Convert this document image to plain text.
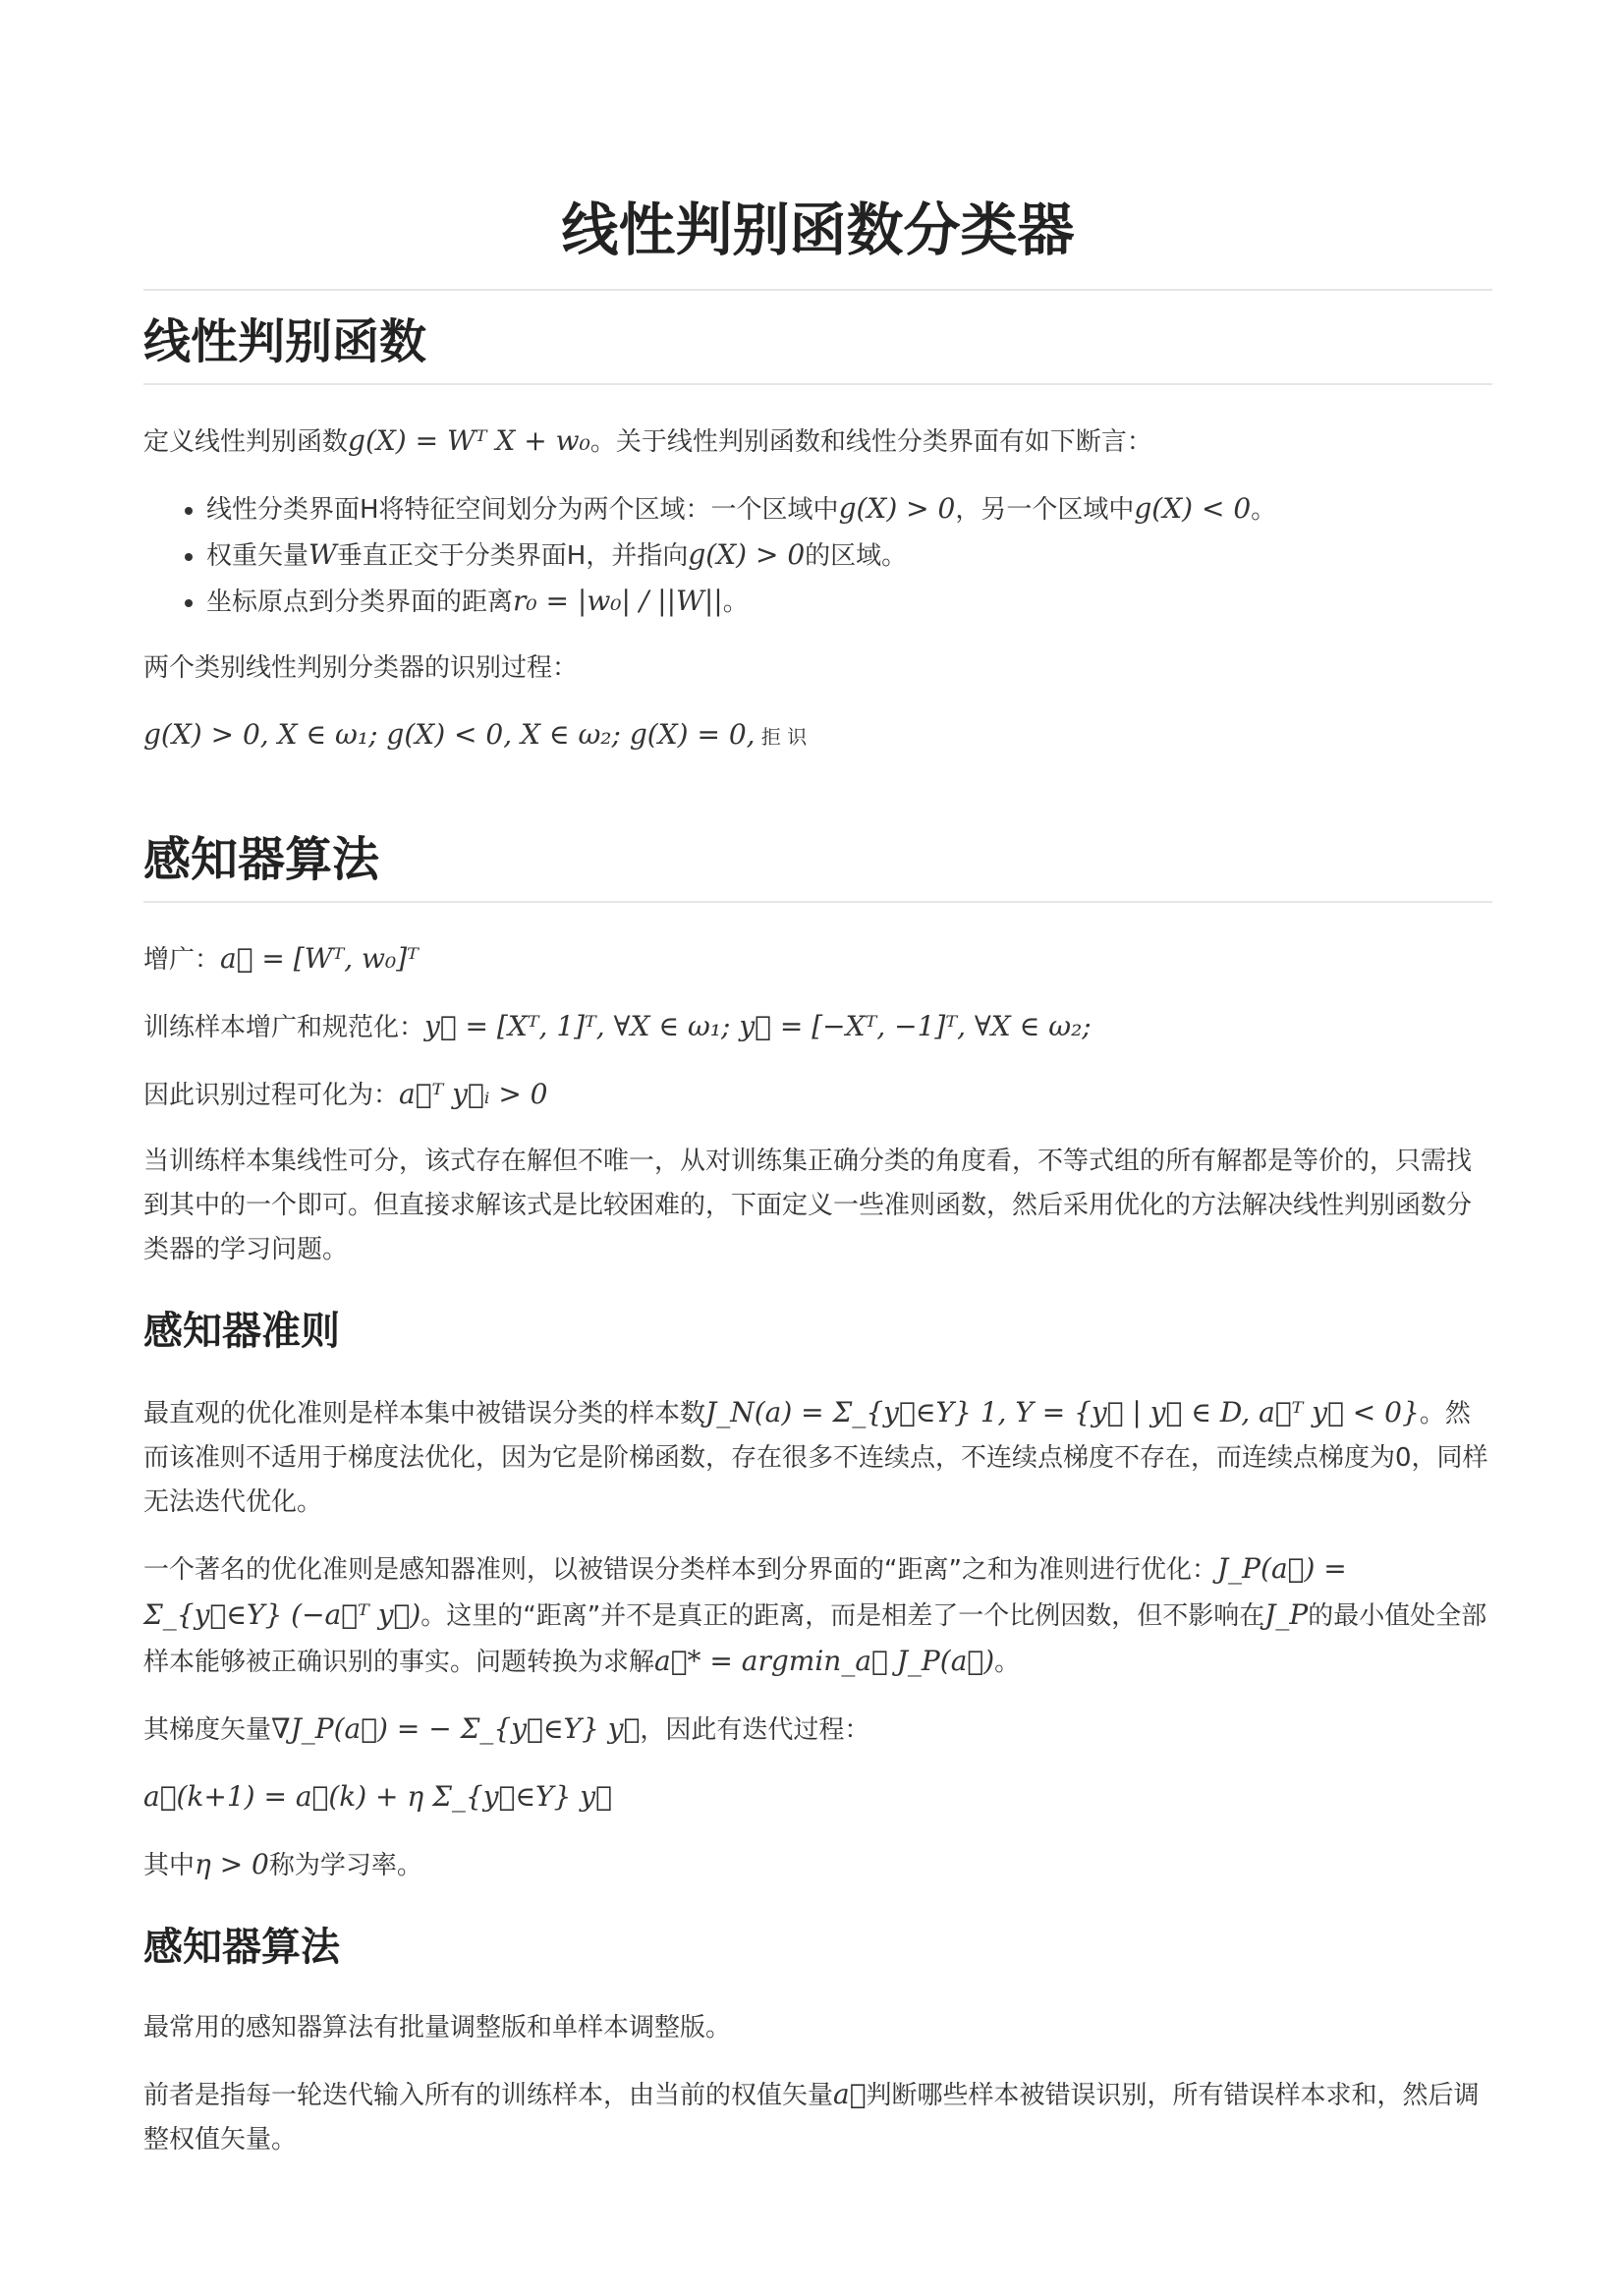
线性判别函数分类器
线性判别函数

定义线性判别函数g(X) = Wᵀ X + w₀。关于线性判别函数和线性分类界面有如下断言：

• 线性分类界面H将特征空间划分为两个区域：一个区域中g(X) > 0，另一个区域中g(X) < 0。
• 权重矢量W垂直正交于分类界面H，并指向g(X) > 0的区域。
• 坐标原点到分类界面的距离r₀ = |w₀| / ||W||。

两个类别线性判别分类器的识别过程：

g(X) > 0, X ∈ ω₁; g(X) < 0, X ∈ ω₂; g(X) = 0, 拒 识

感知器算法

增广：a⃗ = [Wᵀ, w₀]ᵀ

训练样本增广和规范化：y⃗ = [Xᵀ, 1]ᵀ, ∀X ∈ ω₁; y⃗ = [−Xᵀ, −1]ᵀ, ∀X ∈ ω₂;

因此识别过程可化为：a⃗ᵀ y⃗ᵢ > 0

当训练样本集线性可分，该式存在解但不唯一，从对训练集正确分类的角度看，不等式组的所有解都是等价的，只需找到其中的一个即可。但直接求解该式是比较困难的，下面定义一些准则函数，然后采用优化的方法解决线性判别函数分类器的学习问题。

感知器准则

最直观的优化准则是样本集中被错误分类的样本数J_N(a) = Σ_{y⃗∈Y} 1, Y = {y⃗ | y⃗ ∈ D, a⃗ᵀ y⃗ < 0}。然而该准则不适用于梯度法优化，因为它是阶梯函数，存在很多不连续点，不连续点梯度不存在，而连续点梯度为0，同样无法迭代优化。

一个著名的优化准则是感知器准则，以被错误分类样本到分界面的“距离”之和为准则进行优化：J_P(a⃗) = Σ_{y⃗∈Y} (−a⃗ᵀ y⃗)。这里的“距离”并不是真正的距离，而是相差了一个比例因数，但不影响在J_P的最小值处全部样本能够被正确识别的事实。问题转换为求解a⃗* = argmin_a⃗ J_P(a⃗)。

其梯度矢量∇J_P(a⃗) = − Σ_{y⃗∈Y} y⃗，因此有迭代过程：

a⃗(k+1) = a⃗(k) + η Σ_{y⃗∈Y} y⃗

其中η > 0称为学习率。

感知器算法

最常用的感知器算法有批量调整版和单样本调整版。

前者是指每一轮迭代输入所有的训练样本，由当前的权值矢量a⃗判断哪些样本被错误识别，所有错误样本求和，然后调整权值矢量。
